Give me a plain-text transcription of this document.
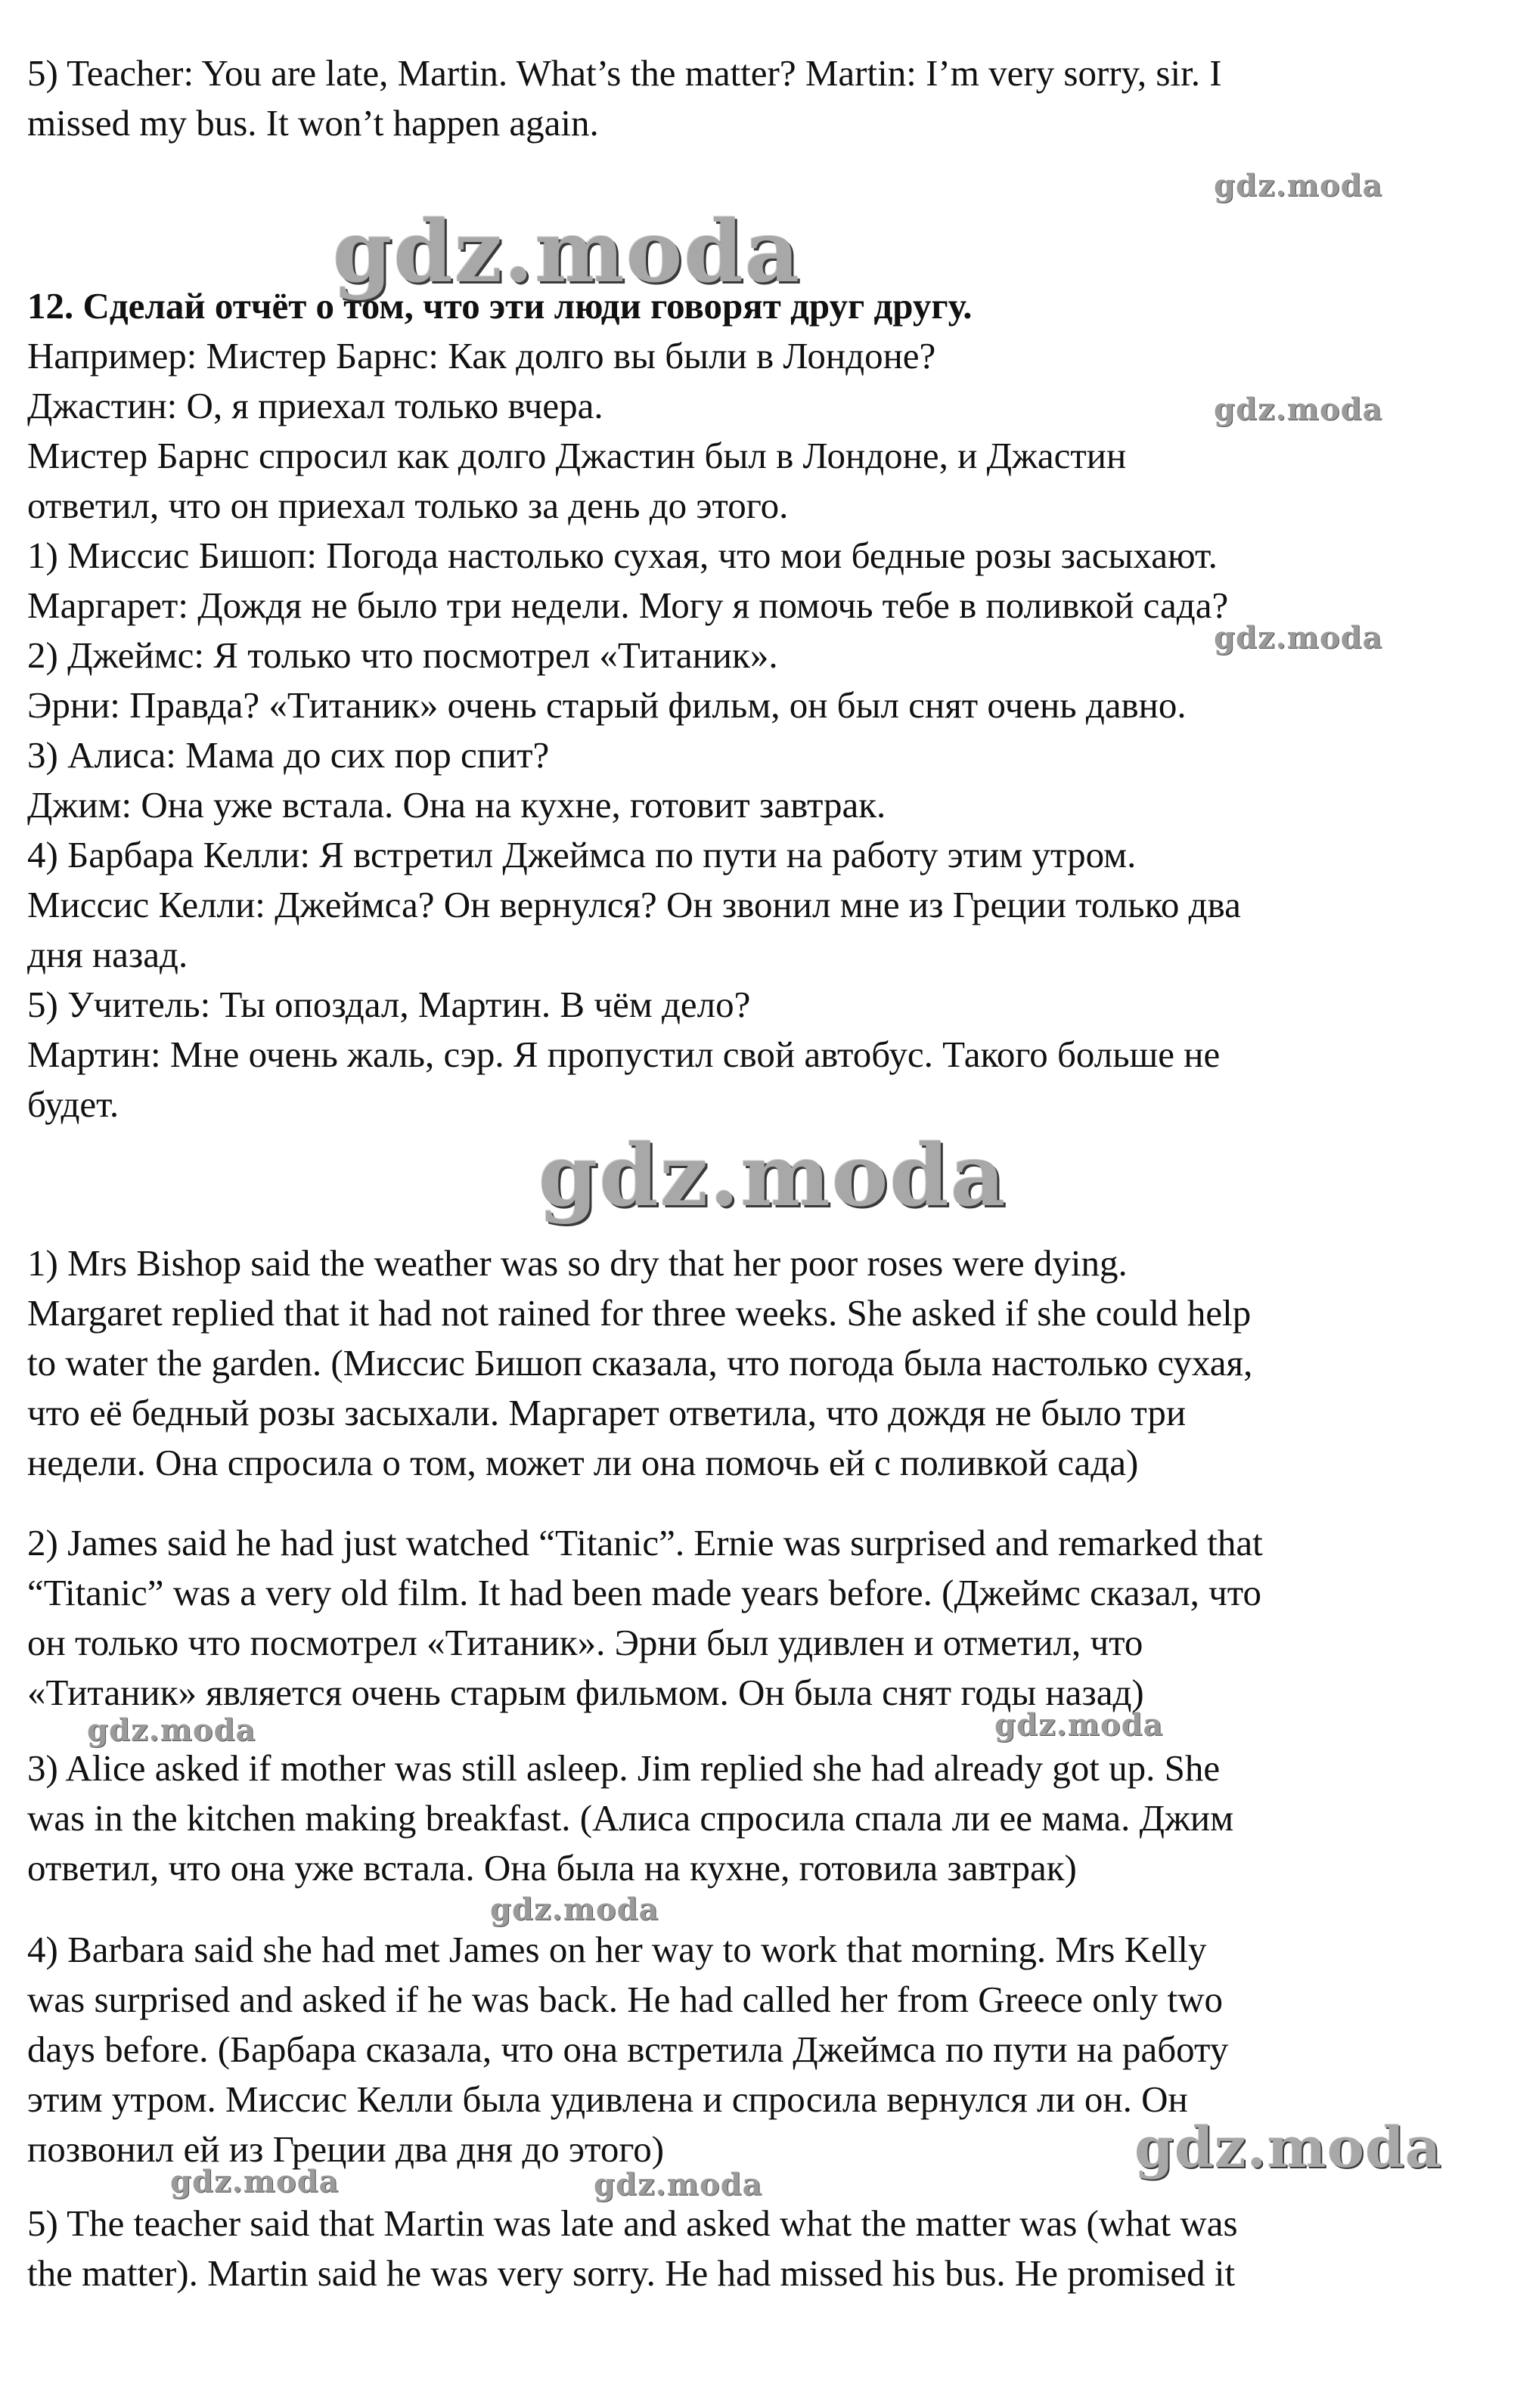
gdz.moda
gdz.moda
gdz.moda
gdz.moda
gdz.moda
gdz.moda	gdz.moda
gdz.moda
gdz.moda
gdz.moda	gdz.moda
5) Teacher: You are late, Martin. What’s the matter? Martin: I’m very sorry, sir. I
missed my bus. It won’t happen again.
12. Сделай отчёт о том, что эти люди говорят друг другу.
Например: Мистер Барнс: Как долго вы были в Лондоне?
Джастин: О, я приехал только вчера.
Мистер Барнс спросил как долго Джастин был в Лондоне, и Джастин
ответил, что он приехал только за день до этого.
1) Миссис Бишоп: Погода настолько сухая, что мои бедные розы засыхают.
Маргарет: Дождя не было три недели. Могу я помочь тебе в поливкой сада?
2) Джеймс: Я только что посмотрел «Титаник».
Эрни: Правда? «Титаник» очень старый фильм, он был снят очень давно.
3) Алиса: Мама до сих пор спит?
Джим: Она уже встала. Она на кухне, готовит завтрак.
4) Барбара Келли: Я встретил Джеймса по пути на работу этим утром.
Миссис Келли: Джеймса? Он вернулся? Он звонил мне из Греции только два
дня назад.
5) Учитель: Ты опоздал, Мартин. В чём дело?
Мартин: Мне очень жаль, сэр. Я пропустил свой автобус. Такого больше не
будет.
1) Mrs Bishop said the weather was so dry that her poor roses were dying.
Margaret replied that it had not rained for three weeks. She asked if she could help
to water the garden. (Миссис Бишоп сказала, что погода была настолько сухая,
что её бедный розы засыхали. Маргарет ответила, что дождя не было три
недели. Она спросила о том, может ли она помочь ей с поливкой сада)
2) James said he had just watched “Titanic”. Ernie was surprised and remarked that
“Titanic” was a very old film. It had been made years before. (Джеймс сказал, что
он только что посмотрел «Титаник». Эрни был удивлен и отметил, что
«Титаник» является очень старым фильмом. Он была снят годы назад)
3) Alice asked if mother was still asleep. Jim replied she had already got up. She
was in the kitchen making breakfast. (Алиса спросила спала ли ее мама. Джим
ответил, что она уже встала. Она была на кухне, готовила завтрак)
4) Barbara said she had met James on her way to work that morning. Mrs Kelly
was surprised and asked if he was back. He had called her from Greece only two
days before. (Барбара сказала, что она встретила Джеймса по пути на работу
этим утром. Миссис Келли была удивлена и спросила вернулся ли он. Он
позвонил ей из Греции два дня до этого)
5) The teacher said that Martin was late and asked what the matter was (what was
the matter). Martin said he was very sorry. He had missed his bus. He promised it
